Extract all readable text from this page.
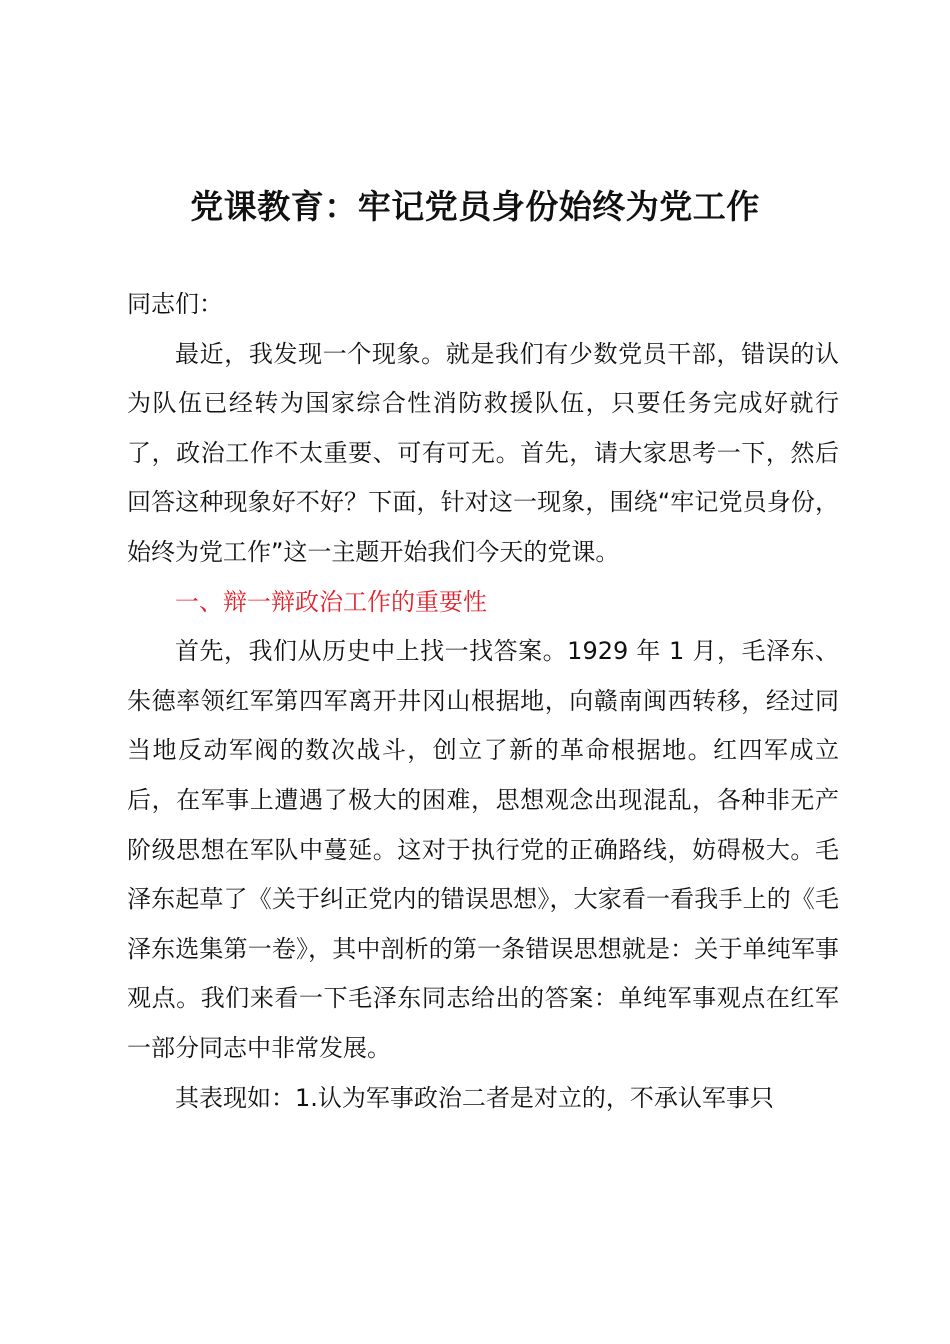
党课教育：牢记党员身份始终为党工作

同志们：

最近，我发现一个现象。就是我们有少数党员干部，错误的认为队伍已经转为国家综合性消防救援队伍，只要任务完成好就行了，政治工作不太重要、可有可无。首先，请大家思考一下，然后回答这种现象好不好？下面，针对这一现象，围绕“牢记党员身份，始终为党工作”这一主题开始我们今天的党课。

一、辩一辩政治工作的重要性

首先，我们从历史中上找一找答案。1929 年 1 月，毛泽东、朱德率领红军第四军离开井冈山根据地，向赣南闽西转移，经过同当地反动军阀的数次战斗，创立了新的革命根据地。红四军成立后，在军事上遭遇了极大的困难，思想观念出现混乱，各种非无产阶级思想在军队中蔓延。这对于执行党的正确路线，妨碍极大。毛泽东起草了《关于纠正党内的错误思想》，大家看一看我手上的《毛泽东选集第一卷》，其中剖析的第一条错误思想就是：关于单纯军事观点。我们来看一下毛泽东同志给出的答案：单纯军事观点在红军一部分同志中非常发展。

其表现如：1.认为军事政治二者是对立的，不承认军事只
